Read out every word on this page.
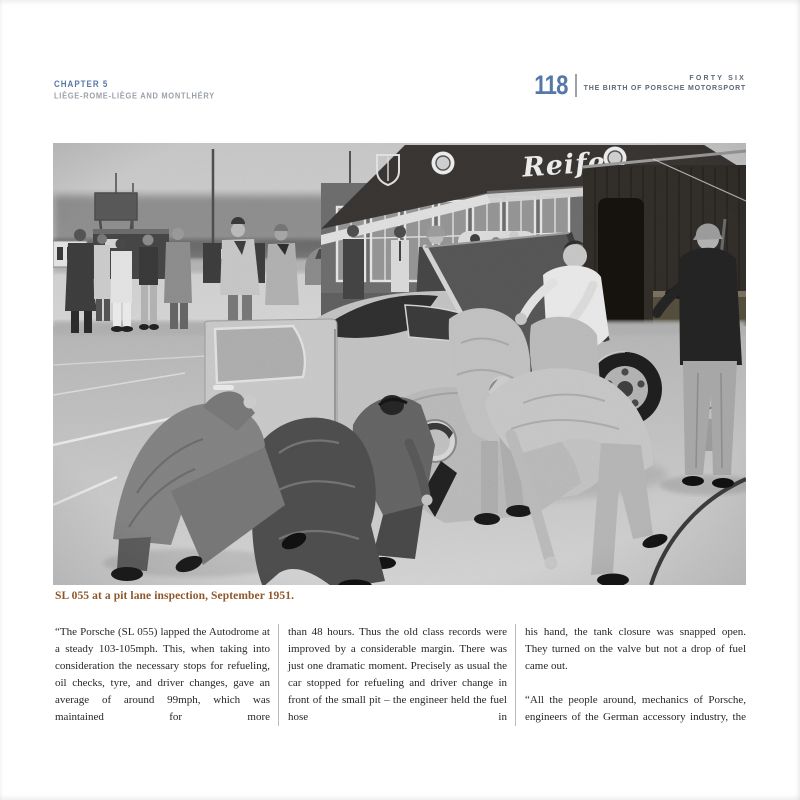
CHAPTER 5
LIÈGE-ROME-LIÈGE AND MONTLHÉRY	118	FORTY SIX
THE BIRTH OF PORSCHE MOTORSPORT
SL 055 at a pit lane inspection, September 1951.

“The Porsche (SL 055) lapped the Autodrome at a steady 103-105mph. This, when taking into consideration the necessary stops for refueling, oil checks, tyre, and driver changes, gave an average of around 99mph, which was maintained for more

than 48 hours. Thus the old class records were improved by a considerable margin. There was just one dramatic moment. Precisely as usual the car stopped for refueling and driver change in front of the small pit – the engineer held the fuel hose in

his hand, the tank closure was snapped open. They turned on the valve but not a drop of fuel came out.

“All the people around, mechanics of Porsche, engineers of the German accessory industry, the
